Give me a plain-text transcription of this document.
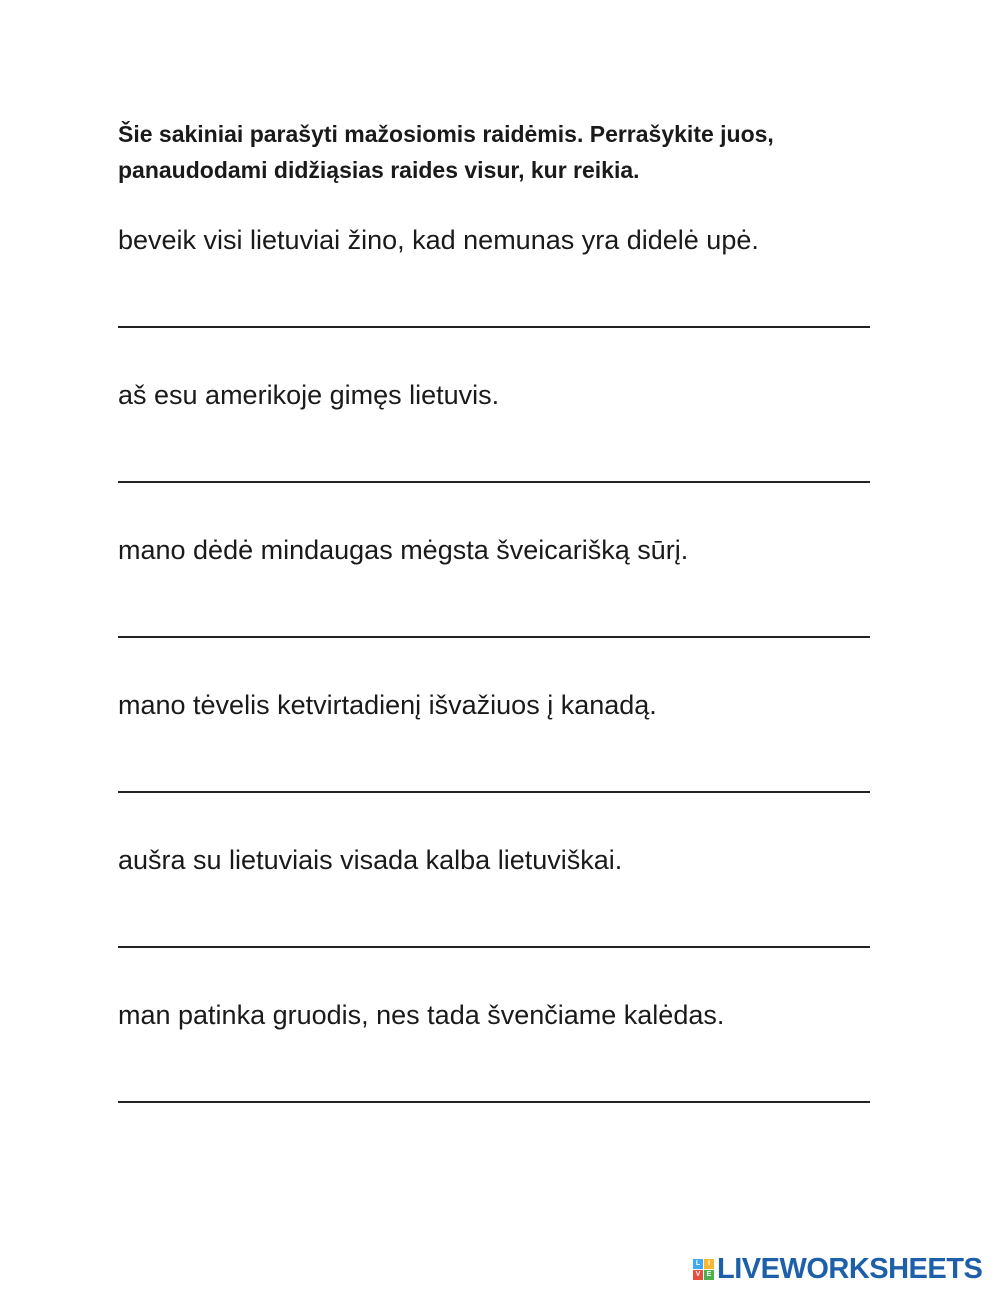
Šie sakiniai parašyti mažosiomis raidėmis. Perrašykite juos,
panaudodami didžiąsias raides visur, kur reikia.

beveik visi lietuviai žino, kad nemunas yra didelė upė.
aš esu amerikoje gimęs lietuvis.
mano dėdė mindaugas mėgsta šveicarišką sūrį.
mano tėvelis ketvirtadienį išvažiuos į kanadą.
aušra su lietuviais visada kalba lietuviškai.
man patinka gruodis, nes tada švenčiame kalėdas.
L	I
V E LIVEWORKSHEETS
